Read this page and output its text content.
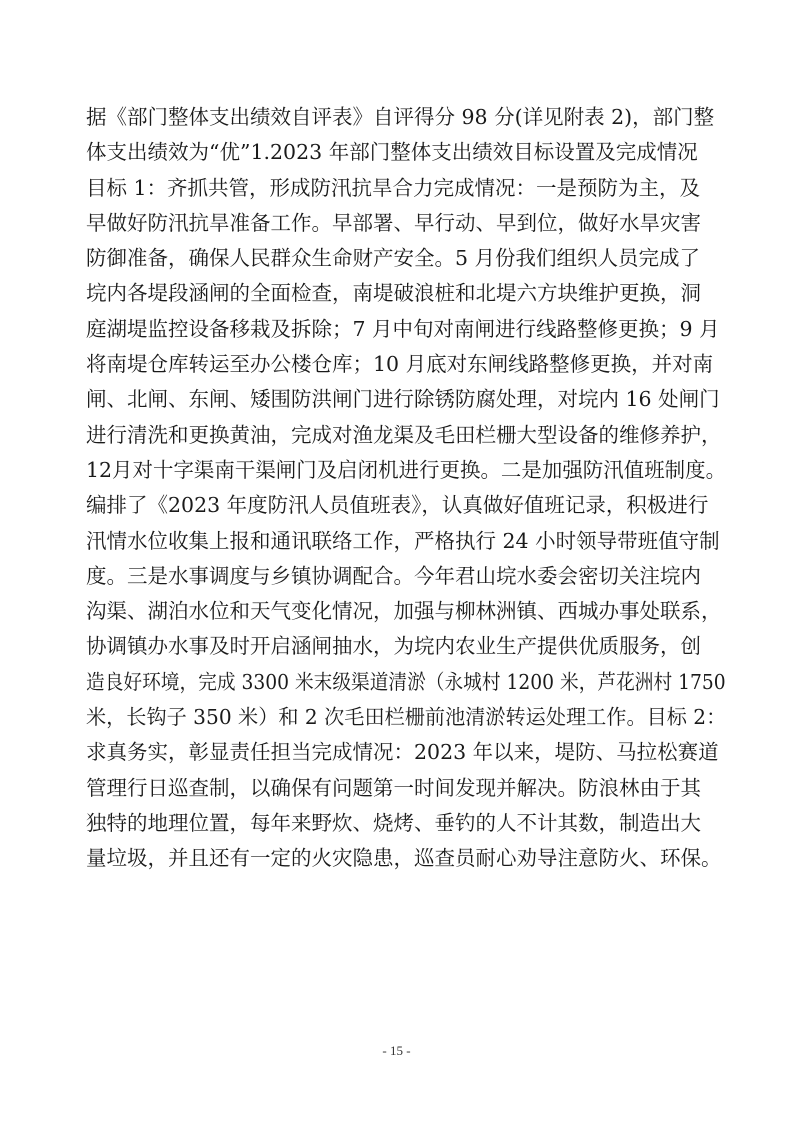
据《部门整体支出绩效自评表》自评得分 98 分(详见附表 2)，部门整
体支出绩效为“优”1.2023 年部门整体支出绩效目标设置及完成情况
目标 1：齐抓共管，形成防汛抗旱合力完成情况：一是预防为主，及
早做好防汛抗旱准备工作。早部署、早行动、早到位，做好水旱灾害
防御准备，确保人民群众生命财产安全。5 月份我们组织人员完成了
垸内各堤段涵闸的全面检查，南堤破浪桩和北堤六方块维护更换，洞
庭湖堤监控设备移栽及拆除；7 月中旬对南闸进行线路整修更换；9 月
将南堤仓库转运至办公楼仓库；10 月底对东闸线路整修更换，并对南
闸、北闸、东闸、矮围防洪闸门进行除锈防腐处理，对垸内 16 处闸门
进行清洗和更换黄油，完成对渔龙渠及毛田栏栅大型设备的维修养护，
12月对十字渠南干渠闸门及启闭机进行更换。二是加强防汛值班制度。
编排了《2023 年度防汛人员值班表》，认真做好值班记录，积极进行
汛情水位收集上报和通讯联络工作，严格执行 24 小时领导带班值守制
度。三是水事调度与乡镇协调配合。今年君山垸水委会密切关注垸内
沟渠、湖泊水位和天气变化情况，加强与柳林洲镇、西城办事处联系，
协调镇办水事及时开启涵闸抽水，为垸内农业生产提供优质服务，创
造良好环境，完成 3300 米末级渠道清淤（永城村 1200 米，芦花洲村 1750
米，长钩子 350 米）和 2 次毛田栏栅前池清淤转运处理工作。目标 2：
求真务实，彰显责任担当完成情况：2023 年以来，堤防、马拉松赛道
管理行日巡查制，以确保有问题第一时间发现并解决。防浪林由于其
独特的地理位置，每年来野炊、烧烤、垂钓的人不计其数，制造出大
量垃圾，并且还有一定的火灾隐患，巡查员耐心劝导注意防火、环保。
- 15 -
